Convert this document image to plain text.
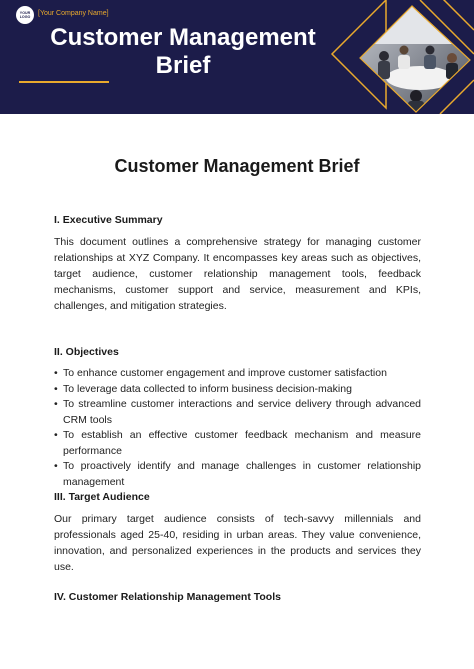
YOUR LOGO	[Your Company Name]
Customer Management Brief
Customer Management Brief
I. Executive Summary

This document outlines a comprehensive strategy for managing customer relationships at XYZ Company. It encompasses key areas such as objectives, target audience, customer relationship management tools, feedback mechanisms, customer support and service, measurement and KPIs, challenges, and mitigation strategies.

II. Objectives
• To enhance customer engagement and improve customer satisfaction
• To leverage data collected to inform business decision-making
• To streamline customer interactions and service delivery through advanced CRM tools
• To establish an effective customer feedback mechanism and measure performance
• To proactively identify and manage challenges in customer relationship management
III. Target Audience

Our primary target audience consists of tech-savvy millennials and professionals aged 25-40, residing in urban areas. They value convenience, innovation, and personalized experiences in the products and services they use.

IV. Customer Relationship Management Tools
